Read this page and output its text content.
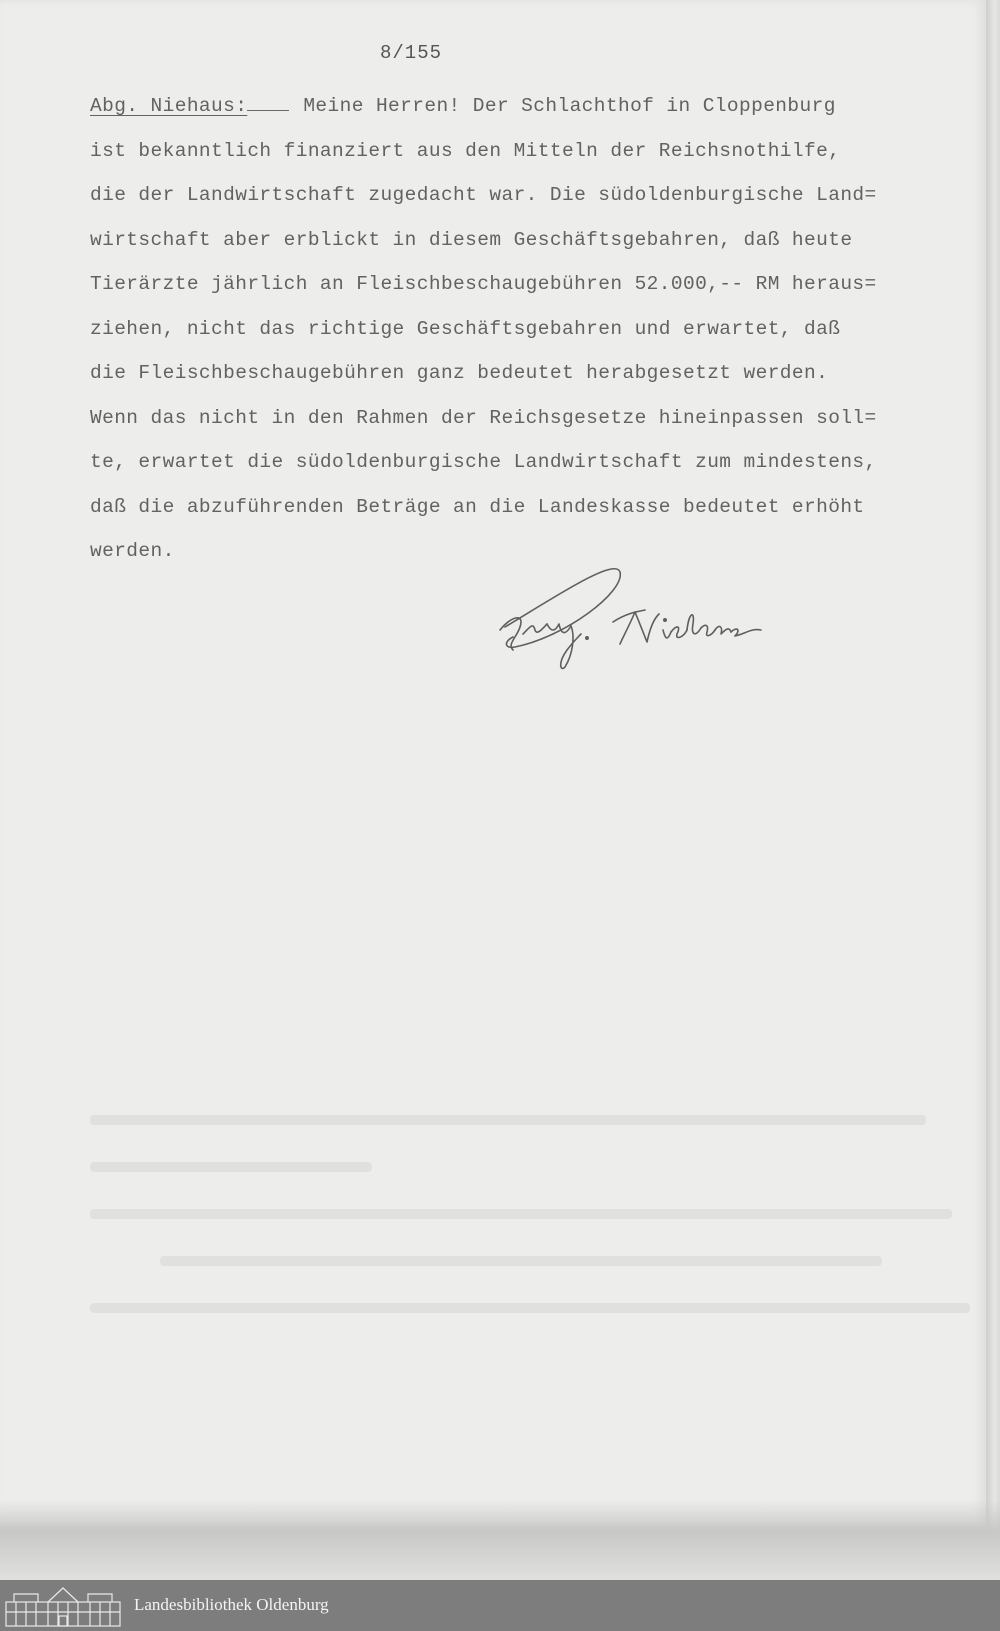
8/155
Abg. Niehaus:	Meine Herren! Der Schlachthof in Cloppenburg
ist bekanntlich finanziert aus den Mitteln der Reichsnothilfe,
die der Landwirtschaft zugedacht war. Die südoldenburgische Land=
wirtschaft aber erblickt in diesem Geschäftsgebahren, daß heute
Tierärzte jährlich an Fleischbeschaugebühren 52.000,-- RM heraus=
ziehen, nicht das richtige Geschäftsgebahren und erwartet, daß
die Fleischbeschaugebühren ganz bedeutet herabgesetzt werden.
Wenn das nicht in den Rahmen der Reichsgesetze hineinpassen soll=
te, erwartet die südoldenburgische Landwirtschaft zum mindestens,
daß die abzuführenden Beträge an die Landeskasse bedeutet erhöht
werden.
Landesbibliothek Oldenburg
